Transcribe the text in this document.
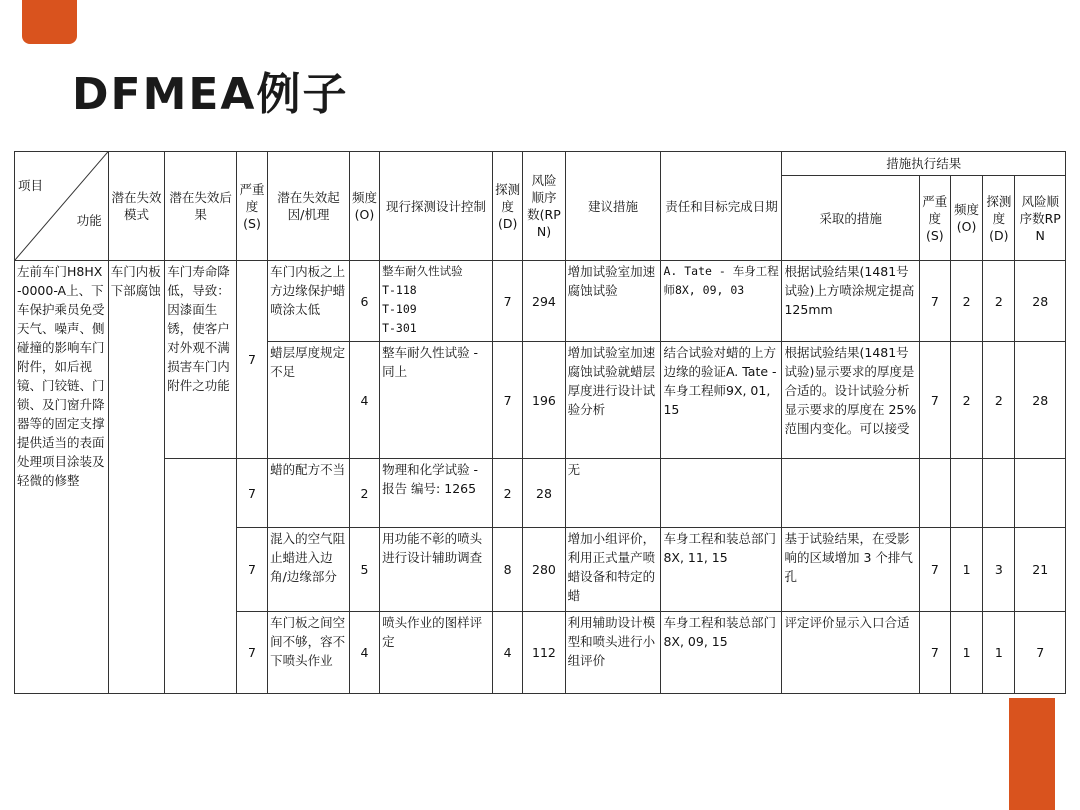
DFMEA例子
项目
功能	潜在失效模式	潜在失效后果	严重度(S)	潜在失效起因/机理	频度(O)	现行探测设计控制	探测度(D)	风险顺序数(RPN)	建议措施	责任和目标完成日期	措施执行结果				
											采取的措施	严重度(S)	频度(O)	探测度(D)	风险顺序数RPN
左前车门H8HX-0000-A上、下车保护乘员免受天气、噪声、侧碰撞的影响车门附件，如后视镜、门铰链、门锁、及门窗升降器等的固定支撑提供适当的表面处理项目涂装及轻微的修整	车门内板下部腐蚀	车门寿命降低，导致：因漆面生锈，使客户对外观不满损害车门内附件之功能	7	车门内板之上方边缘保护蜡喷涂太低	6	整车耐久性试验
T-118
T-109
T-301	7	294	增加试验室加速腐蚀试验	A. Tate - 车身工程师8X, 09, 03	根据试验结果(1481号试验)上方喷涂规定提高125mm	7	2	2	28
				蜡层厚度规定不足	4	整车耐久性试验 - 同上	7	196	增加试验室加速腐蚀试验就蜡层厚度进行设计试验分析	结合试验对蜡的上方边缘的验证A. Tate - 车身工程师9X, 01, 15	根据试验结果(1481号试验)显示要求的厚度是合适的。设计试验分析显示要求的厚度在 25% 范围内变化。可以接受	7	2	2	28
			7	蜡的配方不当	2	物理和化学试验 - 报告 编号: 1265	2	28	无						
			7	混入的空气阻止蜡进入边角/边缘部分	5	用功能不彰的喷头进行设计辅助调查	8	280	增加小组评价，利用正式量产喷蜡设备和特定的蜡	车身工程和装总部门8X, 11, 15	基于试验结果，在受影响的区域增加 3 个排气孔	7	1	3	21
			7	车门板之间空间不够，容不下喷头作业	4	喷头作业的图样评定	4	112	利用辅助设计模型和喷头进行小组评价	车身工程和装总部门 8X, 09, 15	评定评价显示入口合适	7	1	1	7
